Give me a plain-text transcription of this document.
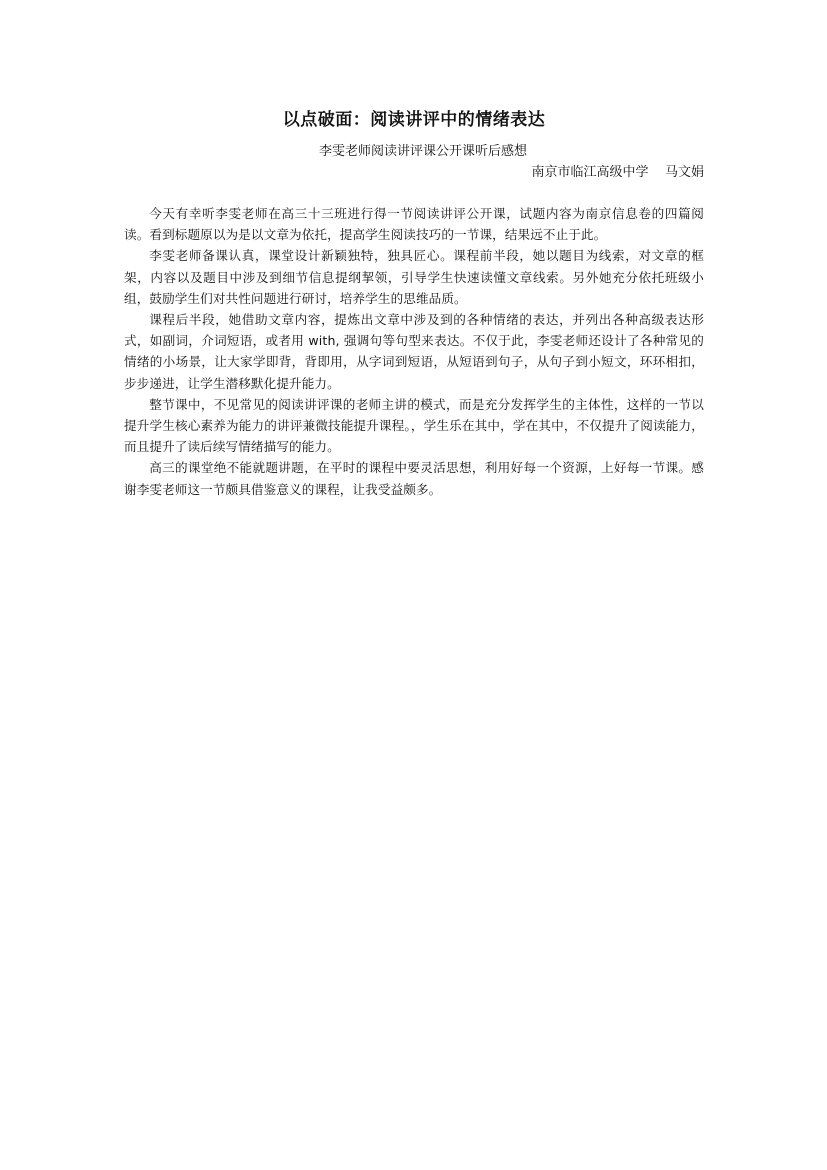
以点破面：阅读讲评中的情绪表达

李雯老师阅读讲评课公开课听后感想

南京市临江高级中学    马文娟

今天有幸听李雯老师在高三十三班进行得一节阅读讲评公开课，试题内容为南京信息卷的四篇阅读。看到标题原以为是以文章为依托，提高学生阅读技巧的一节课，结果远不止于此。

李雯老师备课认真，课堂设计新颖独特，独具匠心。课程前半段，她以题目为线索，对文章的框架，内容以及题目中涉及到细节信息提纲挈领，引导学生快速读懂文章线索。另外她充分依托班级小组，鼓励学生们对共性问题进行研讨，培养学生的思维品质。

课程后半段，她借助文章内容，提炼出文章中涉及到的各种情绪的表达，并列出各种高级表达形式，如副词，介词短语，或者用 with, 强调句等句型来表达。不仅于此，李雯老师还设计了各种常见的情绪的小场景，让大家学即背，背即用，从字词到短语，从短语到句子，从句子到小短文，环环相扣，步步递进，让学生潜移默化提升能力。

整节课中，不见常见的阅读讲评课的老师主讲的模式，而是充分发挥学生的主体性，这样的一节以提升学生核心素养为能力的讲评兼微技能提升课程。，学生乐在其中，学在其中，不仅提升了阅读能力，而且提升了读后续写情绪描写的能力。

高三的课堂绝不能就题讲题，在平时的课程中要灵活思想，利用好每一个资源，上好每一节课。感谢李雯老师这一节颇具借鉴意义的课程，让我受益颇多。
